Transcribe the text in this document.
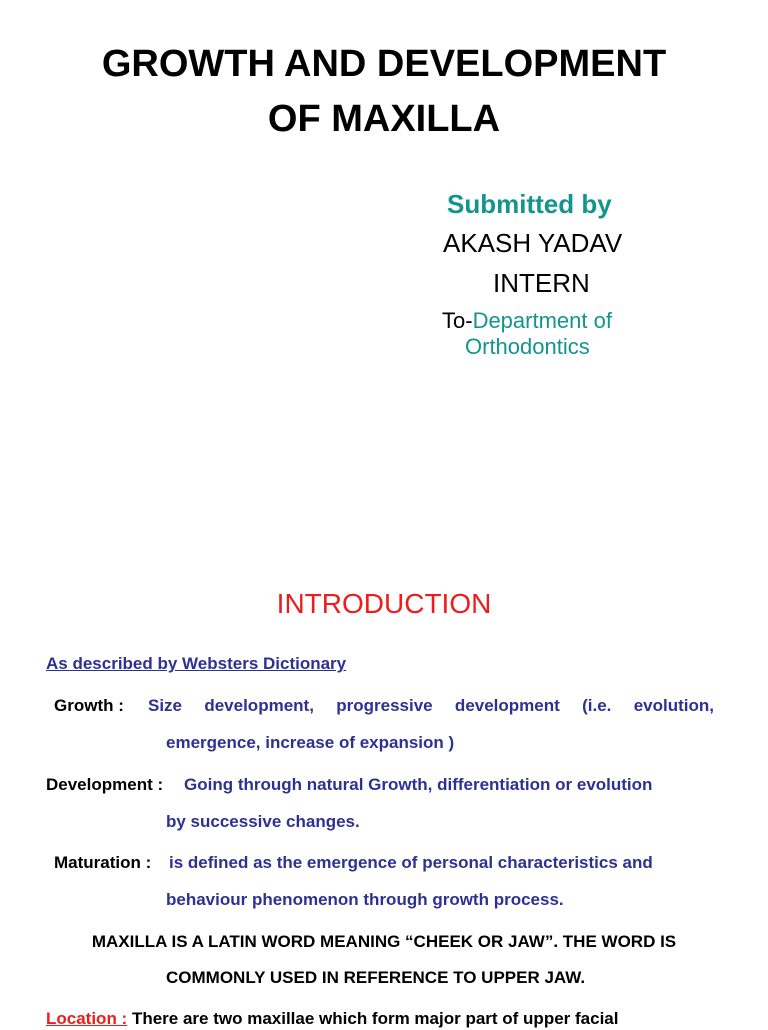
GROWTH AND DEVELOPMENT
OF MAXILLA
Submitted by
AKASH YADAV
INTERN
To-Department of
Orthodontics
INTRODUCTION
As described by Websters Dictionary
Growth : Size development, progressive development (i.e. evolution,
emergence, increase of expansion )
Development : Going through natural Growth, differentiation or evolution
by successive changes.
Maturation : is defined as the emergence of personal characteristics and
behaviour phenomenon through growth process.
MAXILLA IS A LATIN WORD MEANING “CHEEK OR JAW”. THE WORD IS
COMMONLY USED IN REFERENCE TO UPPER JAW.
Location : There are two maxillae which form major part of upper facial
